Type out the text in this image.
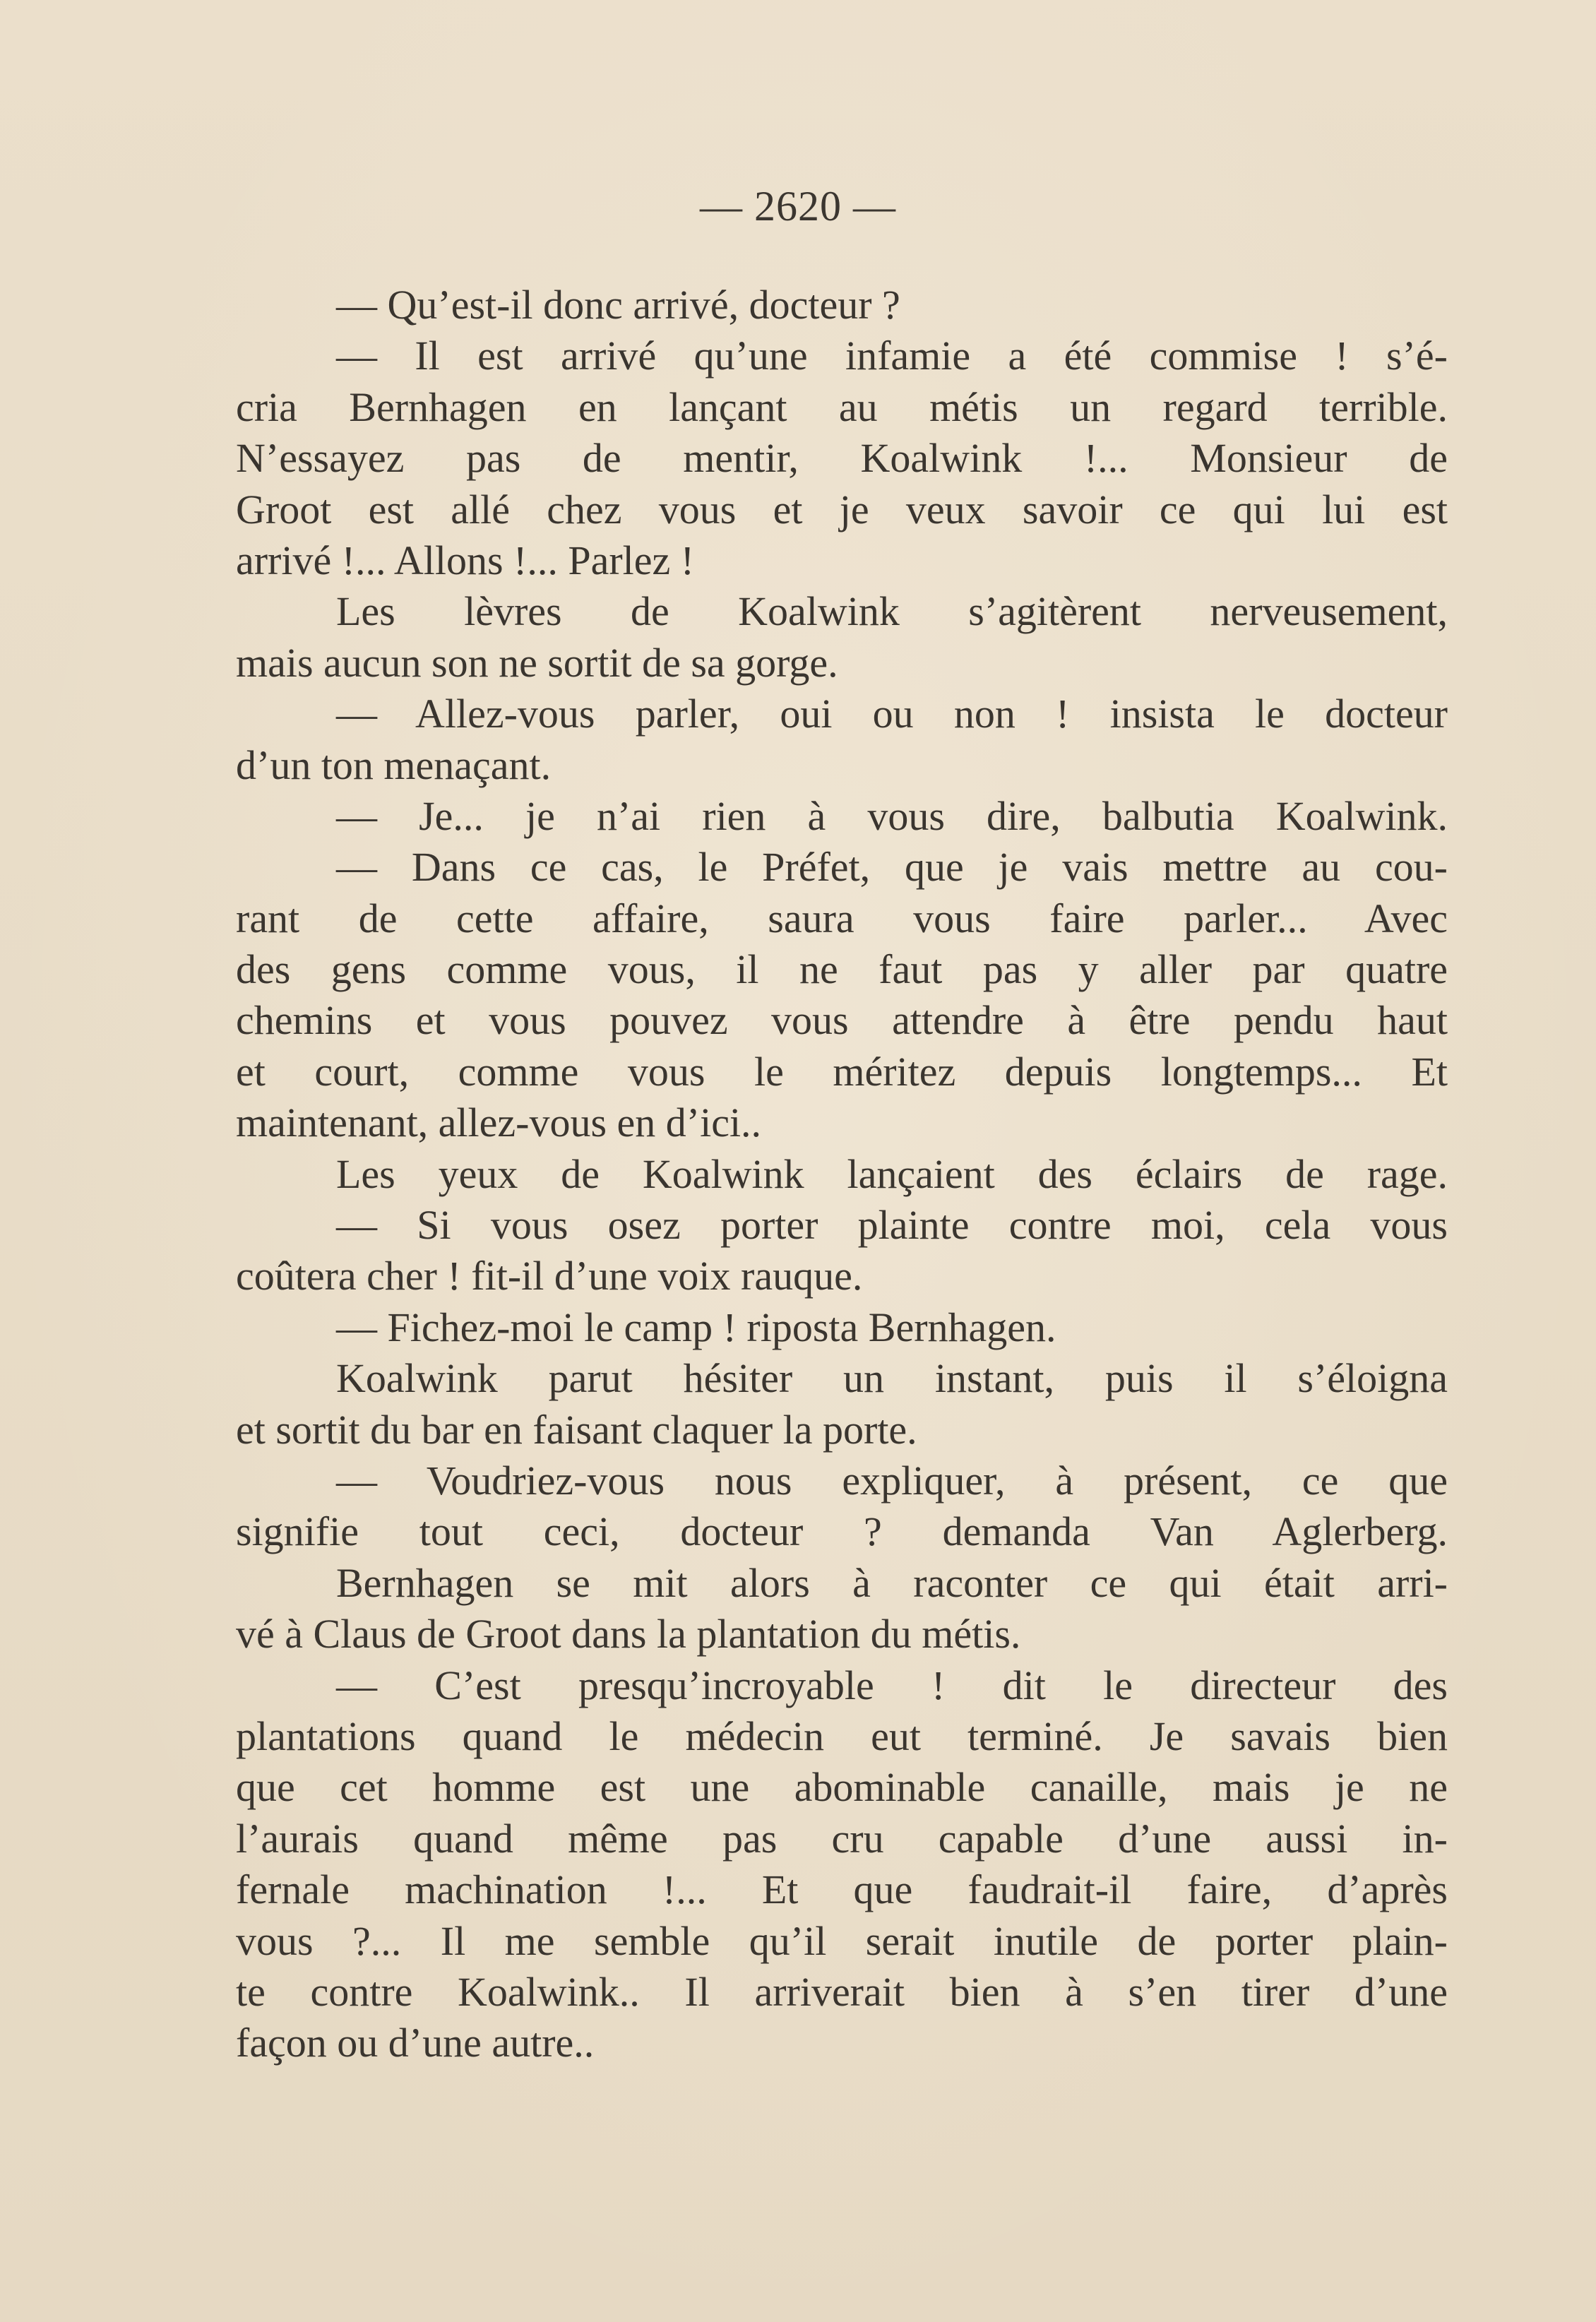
— 2620 —
— Qu’est-il donc arrivé, docteur ?
— Il est arrivé qu’une infamie a été commise ! s’é-
cria Bernhagen en lançant au métis un regard terrible.
N’essayez pas de mentir, Koalwink !... Monsieur de
Groot est allé chez vous et je veux savoir ce qui lui est
arrivé !... Allons !... Parlez !
Les lèvres de Koalwink s’agitèrent nerveusement,
mais aucun son ne sortit de sa gorge.
— Allez-vous parler, oui ou non ! insista le docteur
d’un ton menaçant.
— Je... je n’ai rien à vous dire, balbutia Koalwink.
— Dans ce cas, le Préfet, que je vais mettre au cou-
rant de cette affaire, saura vous faire parler... Avec
des gens comme vous, il ne faut pas y aller par quatre
chemins et vous pouvez vous attendre à être pendu haut
et court, comme vous le méritez depuis longtemps... Et
maintenant, allez-vous en d’ici..
Les yeux de Koalwink lançaient des éclairs de rage.
— Si vous osez porter plainte contre moi, cela vous
coûtera cher ! fit-il d’une voix rauque.
— Fichez-moi le camp ! riposta Bernhagen.
Koalwink parut hésiter un instant, puis il s’éloigna
et sortit du bar en faisant claquer la porte.
— Voudriez-vous nous expliquer, à présent, ce que
signifie tout ceci, docteur ? demanda Van Aglerberg.
Bernhagen se mit alors à raconter ce qui était arri-
vé à Claus de Groot dans la plantation du métis.
— C’est presqu’incroyable ! dit le directeur des
plantations quand le médecin eut terminé. Je savais bien
que cet homme est une abominable canaille, mais je ne
l’aurais quand même pas cru capable d’une aussi in-
fernale machination !... Et que faudrait-il faire, d’après
vous ?... Il me semble qu’il serait inutile de porter plain-
te contre Koalwink.. Il arriverait bien à s’en tirer d’une
façon ou d’une autre..
